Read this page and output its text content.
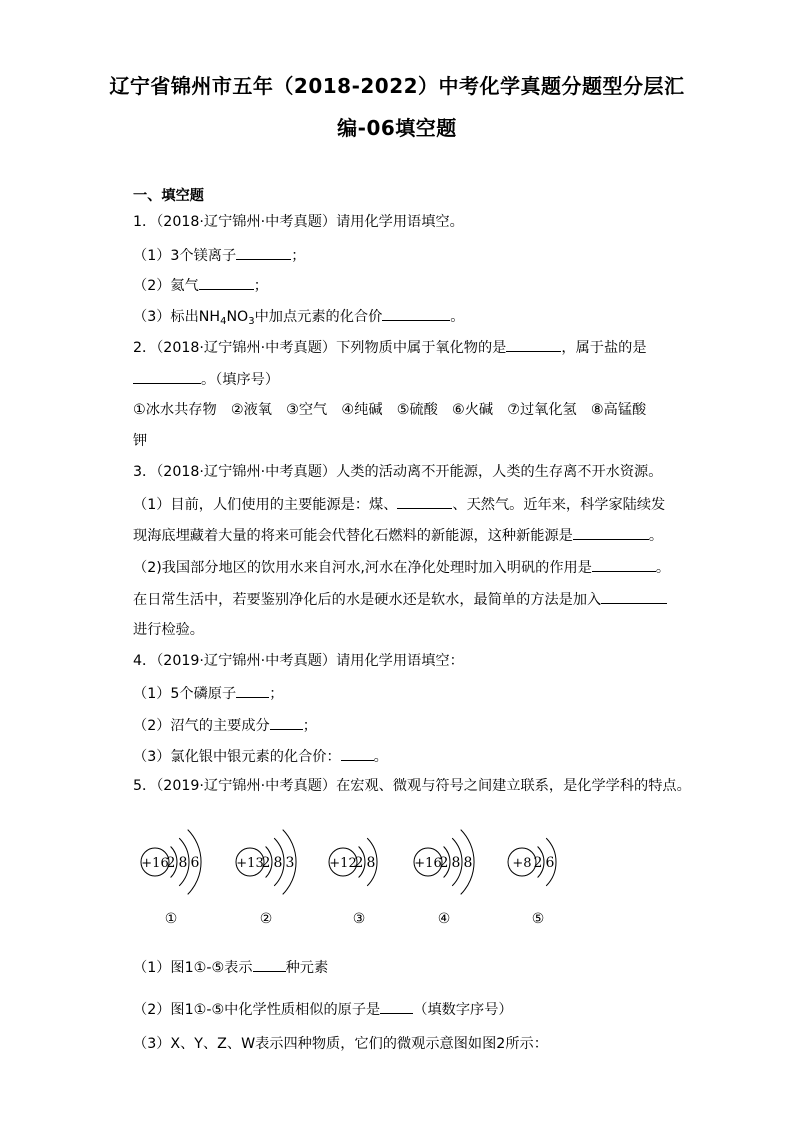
辽宁省锦州市五年（2018-2022）中考化学真题分题型分层汇
编-06填空题
一、填空题
1．（2018·辽宁锦州·中考真题）请用化学用语填空。
（1）3个镁离子	；
（2）氦气	；
（3）标出$NH_4NO_3$中加点元素的化合价	。
2．（2018·辽宁锦州·中考真题）下列物质中属于氧化物的是	，属于盐的是
。（填序号）
①冰水共存物　②液氧　③空气　④纯碱　⑤硫酸　⑥火碱　⑦过氧化氢　⑧高锰酸
钾
3．（2018·辽宁锦州·中考真题）人类的活动离不开能源，人类的生存离不开水资源。
（1）目前，人们使用的主要能源是：煤、	、天然气。近年来，科学家陆续发
现海底埋藏着大量的将来可能会代替化石燃料的新能源，这种新能源是	。
（2)我国部分地区的饮用水来自河水,河水在净化处理时加入明矾的作用是	。
在日常生活中，若要鉴别净化后的水是硬水还是软水，最简单的方法是加入
进行检验。
4．（2019·辽宁锦州·中考真题）请用化学用语填空：
（1）5个磷原子 ；
（2）沼气的主要成分 ；
（3）氯化银中银元素的化合价： 。
5．（2019·辽宁锦州·中考真题）在宏观、微观与符号之间建立联系，是化学学科的特点。
+16
2 8 6
①
+13
2 8 3
②
+12
2 8
③
+16
2 8 8
④
+8 2 6
⑤
（1）图1①-⑤表示 种元素
（2）图1①-⑤中化学性质相似的原子是 （填数字序号）
（3）X、Y、Z、W表示四种物质，它们的微观示意图如图2所示：
